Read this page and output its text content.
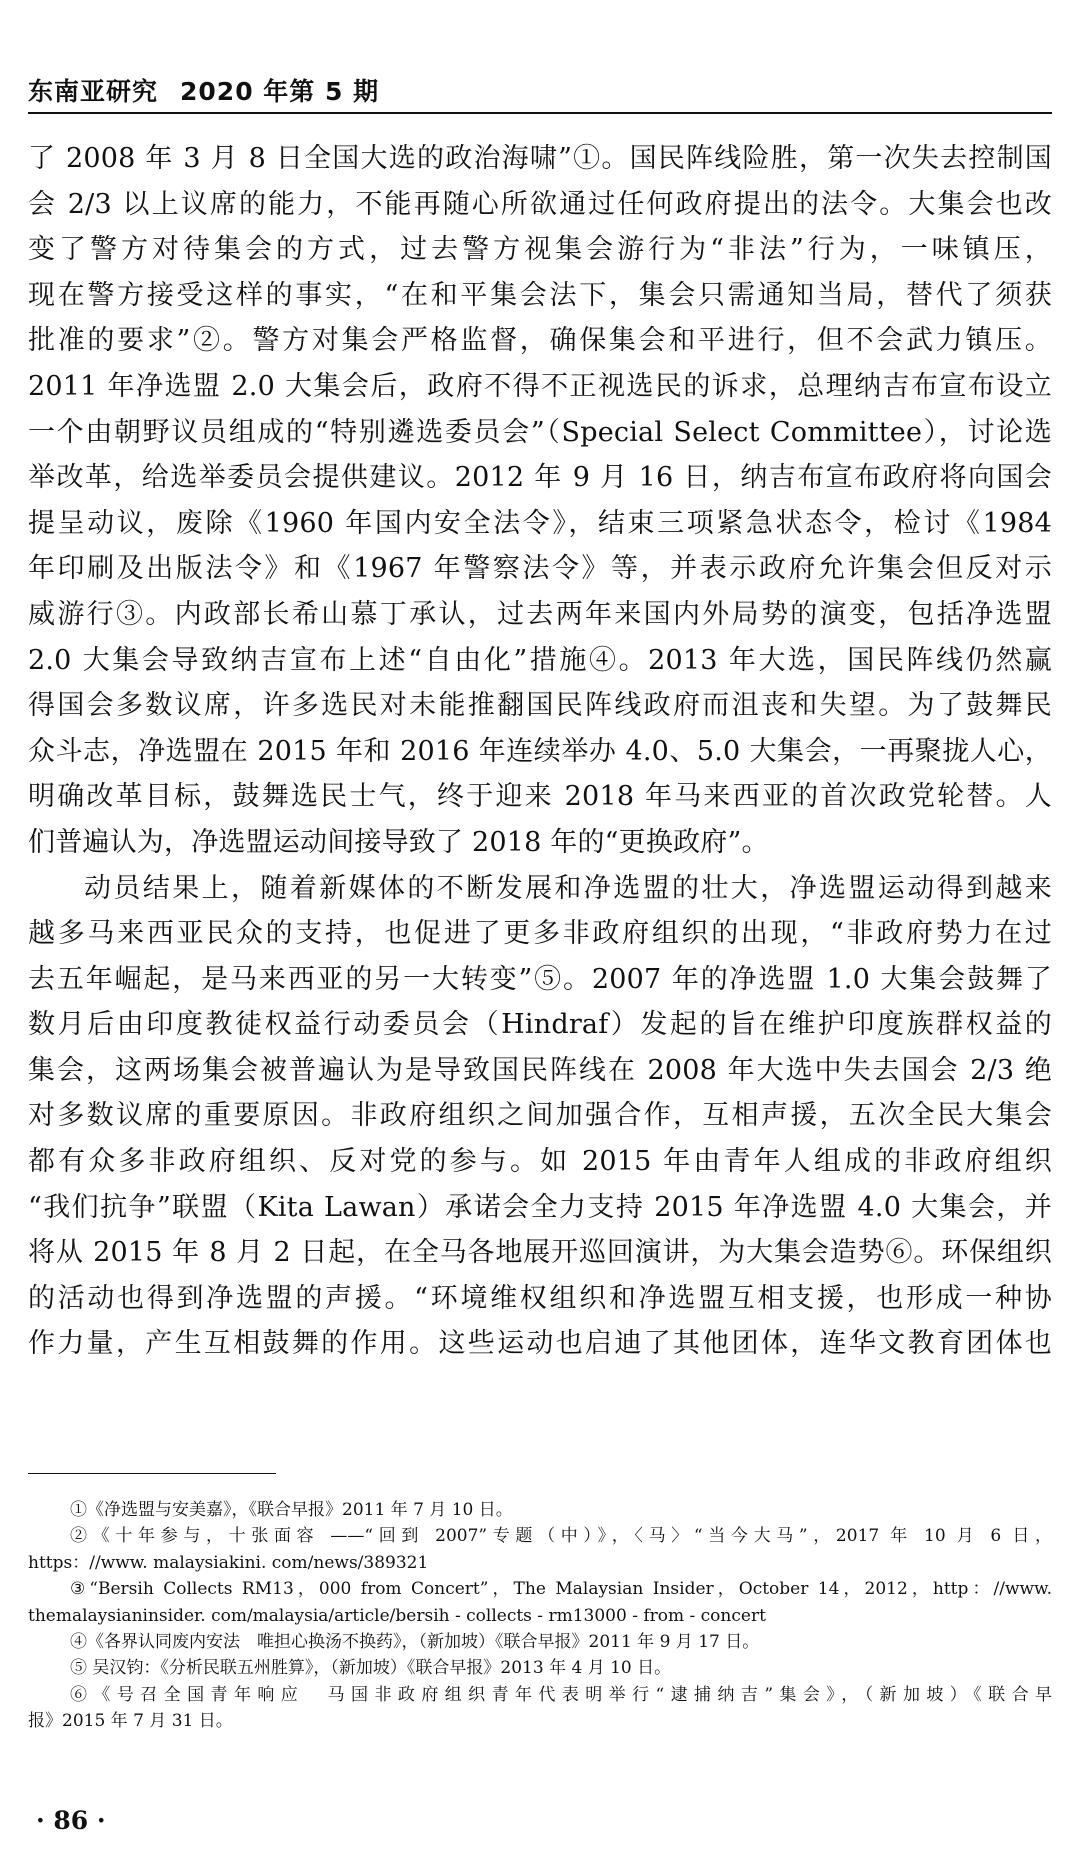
东南亚研究 2020 年第 5 期
了 2008 年 3 月 8 日全国大选的政治海啸”①。国民阵线险胜，第一次失去控制国
会 2/3 以上议席的能力，不能再随心所欲通过任何政府提出的法令。大集会也改
变了警方对待集会的方式，过去警方视集会游行为“非法”行为，一味镇压，
现在警方接受这样的事实，“在和平集会法下，集会只需通知当局，替代了须获
批准的要求”②。警方对集会严格监督，确保集会和平进行，但不会武力镇压。
2011 年净选盟 2.0 大集会后，政府不得不正视选民的诉求，总理纳吉布宣布设立
一个由朝野议员组成的“特别遴选委员会”（Special Select Committee），讨论选
举改革，给选举委员会提供建议。2012 年 9 月 16 日，纳吉布宣布政府将向国会
提呈动议，废除《1960 年国内安全法令》，结束三项紧急状态令，检讨《1984
年印刷及出版法令》和《1967 年警察法令》等，并表示政府允许集会但反对示
威游行③。内政部长希山慕丁承认，过去两年来国内外局势的演变，包括净选盟
2.0 大集会导致纳吉宣布上述“自由化”措施④。2013 年大选，国民阵线仍然赢
得国会多数议席，许多选民对未能推翻国民阵线政府而沮丧和失望。为了鼓舞民
众斗志，净选盟在 2015 年和 2016 年连续举办 4.0、5.0 大集会，一再聚拢人心，
明确改革目标，鼓舞选民士气，终于迎来 2018 年马来西亚的首次政党轮替。人
们普遍认为，净选盟运动间接导致了 2018 年的“更换政府”。
动员结果上，随着新媒体的不断发展和净选盟的壮大，净选盟运动得到越来
越多马来西亚民众的支持，也促进了更多非政府组织的出现，“非政府势力在过
去五年崛起，是马来西亚的另一大转变”⑤。2007 年的净选盟 1.0 大集会鼓舞了
数月后由印度教徒权益行动委员会（Hindraf）发起的旨在维护印度族群权益的
集会，这两场集会被普遍认为是导致国民阵线在 2008 年大选中失去国会 2/3 绝
对多数议席的重要原因。非政府组织之间加强合作，互相声援，五次全民大集会
都有众多非政府组织、反对党的参与。如 2015 年由青年人组成的非政府组织
“我们抗争”联盟（Kita Lawan）承诺会全力支持 2015 年净选盟 4.0 大集会，并
将从 2015 年 8 月 2 日起，在全马各地展开巡回演讲，为大集会造势⑥。环保组织
的活动也得到净选盟的声援。“环境维权组织和净选盟互相支援，也形成一种协
作力量，产生互相鼓舞的作用。这些运动也启迪了其他团体，连华文教育团体也
①《净选盟与安美嘉》，《联合早报》2011 年 7 月 10 日。
②《十年参与，十张面容 ——“回到 2007”专题（中）》，〈马〉“当今大马”，2017 年 10 月 6 日，
https：//www. malaysiakini. com/news/389321
③“Bersih Collects RM13，000 from Concert”，The Malaysian Insider，October 14，2012，http：//www.
themalaysianinsider. com/malaysia/article/bersih - collects - rm13000 - from - concert
④《各界认同废内安法　唯担心换汤不换药》，（新加坡）《联合早报》2011 年 9 月 17 日。
⑤ 吴汉钧：《分析民联五州胜算》，（新加坡）《联合早报》2013 年 4 月 10 日。
⑥《号召全国青年响应　马国非政府组织青年代表明举行“逮捕纳吉”集会》，（新加坡）《联合早
报》2015 年 7 月 31 日。
· 86 ·
